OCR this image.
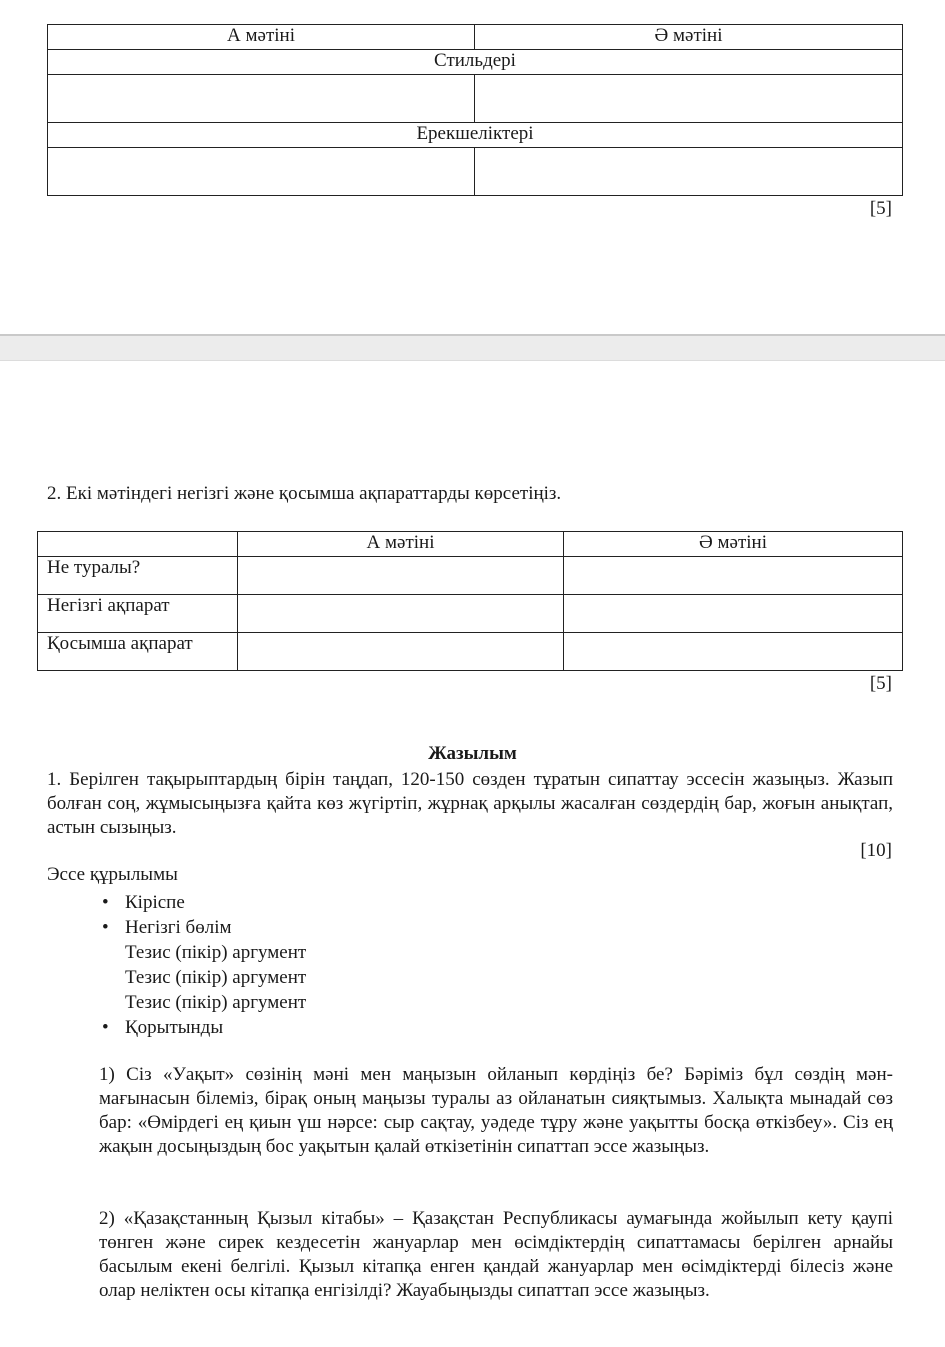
А мәтіні	Ә мәтіні
Стильдері	

Ерекшеліктері	

[5]
2. Екі мәтіндегі негізгі және қосымша ақпараттарды көрсетіңіз.
	А мәтіні	Ә мәтіні
Не туралы?		
Негізгі ақпарат		
Қосымша ақпарат		
[5]
Жазылым
1. Берілген тақырыптардың бірін таңдап, 120-150 сөзден тұратын сипаттау эссесін жазыңыз. Жазып болған соң, жұмысыңызға қайта көз жүгіртіп, жұрнақ арқылы жасалған сөздердің бар, жоғын анықтап, астын сызыңыз.
[10]
Эссе құрылымы
• Кіріспе
• Негізгі бөлім
Тезис (пікір) аргумент
Тезис (пікір) аргумент
Тезис (пікір) аргумент
• Қорытынды
1) Сіз «Уақыт» сөзінің мәні мен маңызын ойланып көрдіңіз бе? Бәріміз бұл сөздің мән-мағынасын білеміз, бірақ оның маңызы туралы аз ойланатын сияқтымыз. Халықта мынадай сөз бар: «Өмірдегі ең қиын үш нәрсе: сыр сақтау, уәдеде тұру және уақытты босқа өткізбеу». Сіз ең жақын досыңыздың бос уақытын қалай өткізетінін сипаттап эссе жазыңыз.
2) «Қазақстанның Қызыл кітабы» – Қазақстан Республикасы аумағында жойылып кету қаупі төнген және сирек кездесетін жануарлар мен өсімдіктердің сипаттамасы берілген арнайы басылым екені белгілі. Қызыл кітапқа енген қандай жануарлар мен өсімдіктерді білесіз және олар неліктен осы кітапқа енгізілді? Жауабыңызды сипаттап эссе жазыңыз.
